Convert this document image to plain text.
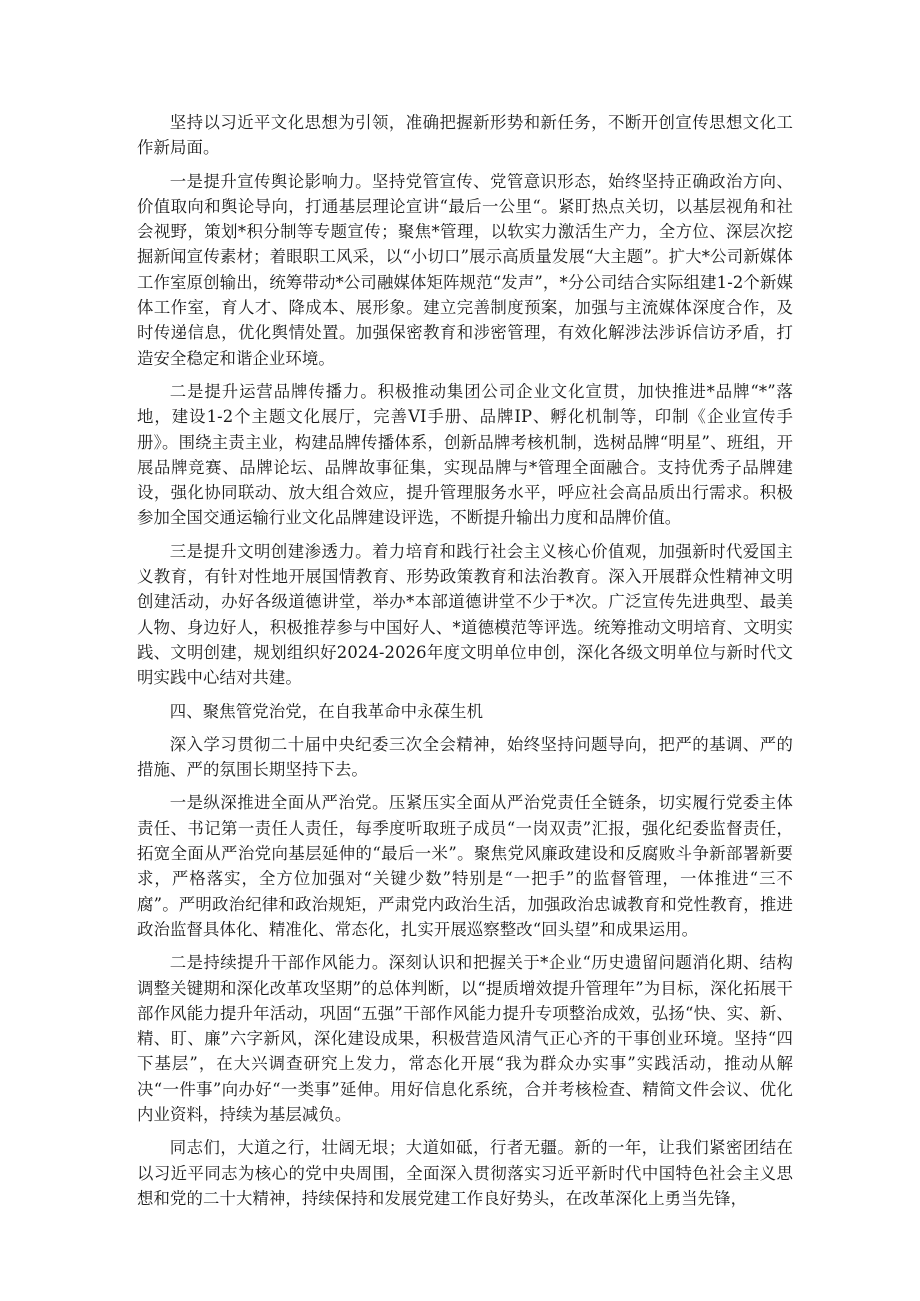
坚持以习近平文化思想为引领，准确把握新形势和新任务，不断开创宣传思想文化工作新局面。

一是提升宣传舆论影响力。坚持党管宣传、党管意识形态，始终坚持正确政治方向、价值取向和舆论导向，打通基层理论宣讲“最后一公里“。紧盯热点关切，以基层视角和社会视野，策划*积分制等专题宣传；聚焦*管理，以软实力激活生产力，全方位、深层次挖掘新闻宣传素材；着眼职工风采，以“小切口”展示高质量发展“大主题”。扩大*公司新媒体工作室原创输出，统筹带动*公司融媒体矩阵规范“发声”，*分公司结合实际组建1-2个新媒体工作室，育人才、降成本、展形象。建立完善制度预案，加强与主流媒体深度合作，及时传递信息，优化舆情处置。加强保密教育和涉密管理，有效化解涉法涉诉信访矛盾，打造安全稳定和谐企业环境。

二是提升运营品牌传播力。积极推动集团公司企业文化宣贯，加快推进*品牌“*”落地，建设1-2个主题文化展厅，完善VI手册、品牌IP、孵化机制等，印制《企业宣传手册》。围绕主责主业，构建品牌传播体系，创新品牌考核机制，选树品牌“明星”、班组，开展品牌竞赛、品牌论坛、品牌故事征集，实现品牌与*管理全面融合。支持优秀子品牌建设，强化协同联动、放大组合效应，提升管理服务水平，呼应社会高品质出行需求。积极参加全国交通运输行业文化品牌建设评选，不断提升输出力度和品牌价值。

三是提升文明创建渗透力。着力培育和践行社会主义核心价值观，加强新时代爱国主义教育，有针对性地开展国情教育、形势政策教育和法治教育。深入开展群众性精神文明创建活动，办好各级道德讲堂，举办*本部道德讲堂不少于*次。广泛宣传先进典型、最美人物、身边好人，积极推荐参与中国好人、*道德模范等评选。统筹推动文明培育、文明实践、文明创建，规划组织好2024-2026年度文明单位申创，深化各级文明单位与新时代文明实践中心结对共建。

四、聚焦管党治党，在自我革命中永葆生机

深入学习贯彻二十届中央纪委三次全会精神，始终坚持问题导向，把严的基调、严的措施、严的氛围长期坚持下去。

一是纵深推进全面从严治党。压紧压实全面从严治党责任全链条，切实履行党委主体责任、书记第一责任人责任，每季度听取班子成员“一岗双责”汇报，强化纪委监督责任，拓宽全面从严治党向基层延伸的“最后一米”。聚焦党风廉政建设和反腐败斗争新部署新要求，严格落实，全方位加强对“关键少数”特别是“一把手”的监督管理，一体推进“三不腐”。严明政治纪律和政治规矩，严肃党内政治生活，加强政治忠诚教育和党性教育，推进政治监督具体化、精准化、常态化，扎实开展巡察整改“回头望”和成果运用。

二是持续提升干部作风能力。深刻认识和把握关于*企业“历史遗留问题消化期、结构调整关键期和深化改革攻坚期”的总体判断，以“提质增效提升管理年”为目标，深化拓展干部作风能力提升年活动，巩固“五强”干部作风能力提升专项整治成效，弘扬“快、实、新、精、盯、廉”六字新风，深化建设成果，积极营造风清气正心齐的干事创业环境。坚持“四下基层”，在大兴调查研究上发力，常态化开展“我为群众办实事”实践活动，推动从解决“一件事”向办好“一类事”延伸。用好信息化系统，合并考核检查、精简文件会议、优化内业资料，持续为基层减负。

同志们，大道之行，壮阔无垠；大道如砥，行者无疆。新的一年，让我们紧密团结在以习近平同志为核心的党中央周围，全面深入贯彻落实习近平新时代中国特色社会主义思想和党的二十大精神，持续保持和发展党建工作良好势头，在改革深化上勇当先锋，
